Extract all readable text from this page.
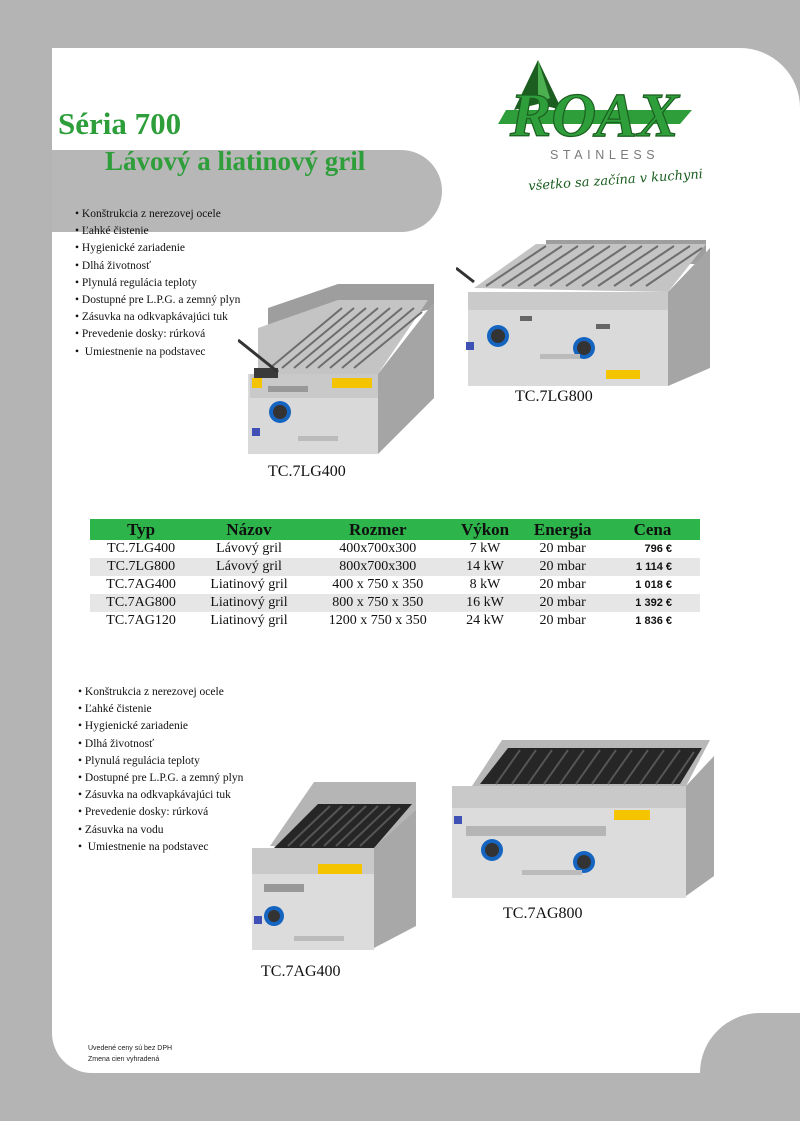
Séria 700
Lávový a liatinový gril
ROAX
STAINLESS
všetko sa začína v kuchyni
• Konštrukcia z nerezovej ocele
• Ľahké čistenie
• Hygienické zariadenie
• Dlhá životnosť
• Plynulá regulácia teploty
• Dostupné pre L.P.G. a zemný plyn
• Zásuvka na odkvapkávajúci tuk
• Prevedenie dosky: rúrková
•  Umiestnenie na podstavec
TC.7LG400
TC.7LG800
Typ	Názov	Rozmer	Výkon	Energia	Cena
TC.7LG400	Lávový gril	400x700x300	7 kW	20 mbar	796 €
TC.7LG800	Lávový gril	800x700x300	14 kW	20 mbar	1 114 €
TC.7AG400	Liatinový gril	400 x 750 x 350	8 kW	20 mbar	1 018 €
TC.7AG800	Liatinový gril	800 x 750 x 350	16 kW	20 mbar	1 392 €
TC.7AG120	Liatinový gril	1200 x 750 x 350	24 kW	20 mbar	1 836 €
• Konštrukcia z nerezovej ocele
• Ľahké čistenie
• Hygienické zariadenie
• Dlhá životnosť
• Plynulá regulácia teploty
• Dostupné pre L.P.G. a zemný plyn
• Zásuvka na odkvapkávajúci tuk
• Prevedenie dosky: rúrková
• Zásuvka na vodu
•  Umiestnenie na podstavec
TC.7AG400
TC.7AG800
Uvedené ceny sú bez DPH
Zmena cien vyhradená
